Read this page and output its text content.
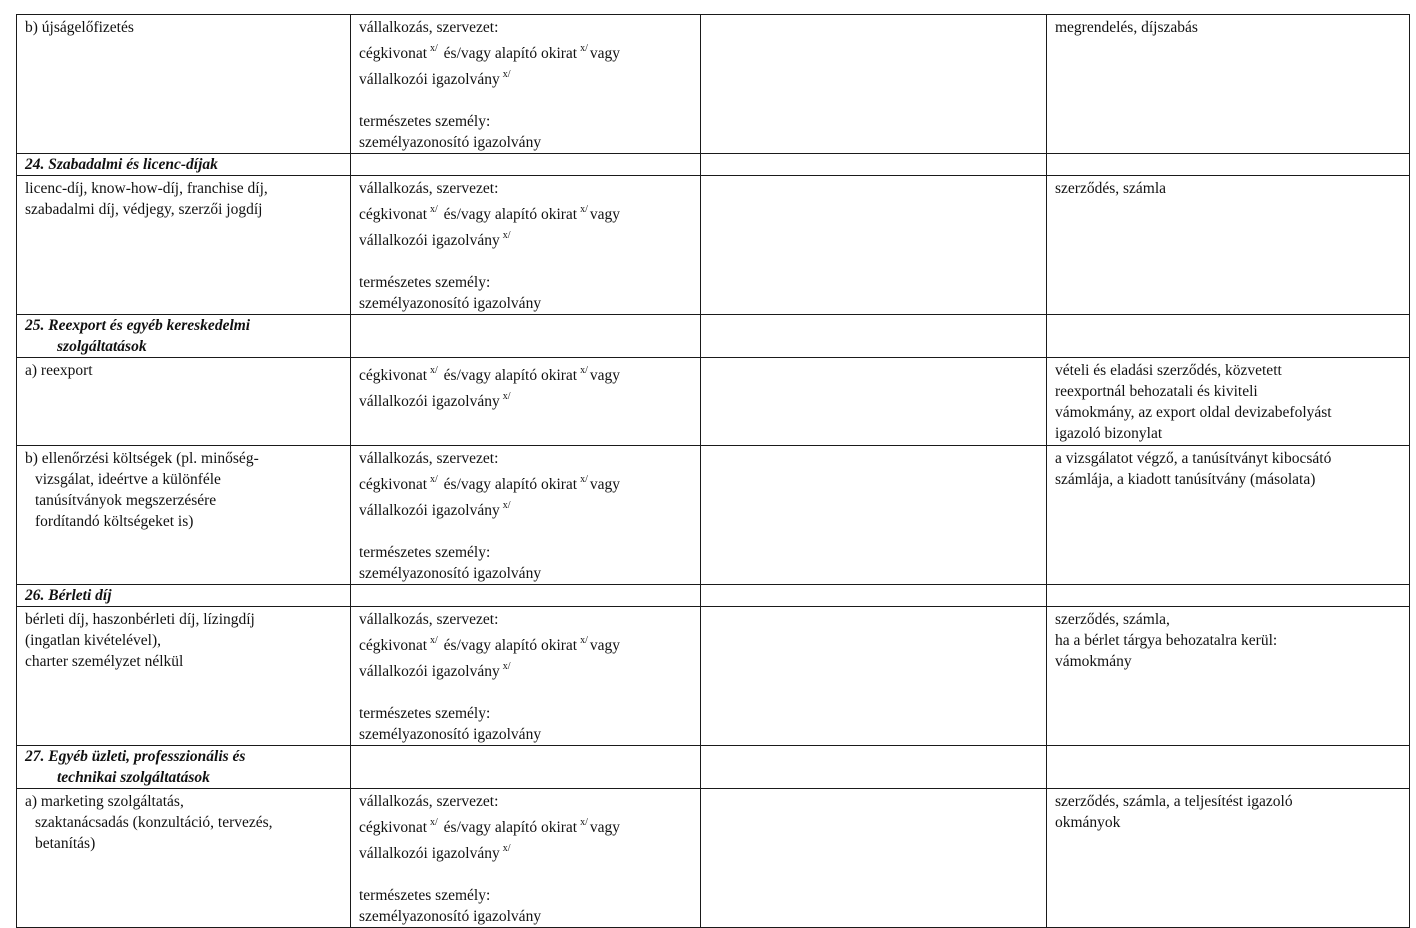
b) újságelőfizetés	vállalkozás, szervezet:
cégkivonat $^{x/}$ és/vagy alapító okirat $^{x/}$ vagy
vállalkozói igazolvány $^{x/}$
természetes személy:
személyazonosító igazolvány		megrendelés, díjszabás
24. Szabadalmi és licenc-díjak			

licenc-díj, know-how-díj, franchise díj,
szabadalmi díj, védjegy, szerzői jogdíj	vállalkozás, szervezet:
cégkivonat $^{x/}$ és/vagy alapító okirat $^{x/}$ vagy
vállalkozói igazolvány $^{x/}$
természetes személy:
személyazonosító igazolvány		szerződés, számla

25. Reexport és egyéb kereskedelmi
szolgáltatások			

a) reexport	cégkivonat $^{x/}$ és/vagy alapító okirat $^{x/}$ vagy
vállalkozói igazolvány $^{x/}$		vételi és eladási szerződés, közvetett
reexportnál behozatali és kiviteli
vámokmány, az export oldal devizabefolyást
igazoló bizonylat

b) ellenőrzési költségek (pl. minőség-
vizsgálat, ideértve a különféle
tanúsítványok megszerzésére
fordítandó költségeket is)	vállalkozás, szervezet:
cégkivonat $^{x/}$ és/vagy alapító okirat $^{x/}$ vagy
vállalkozói igazolvány $^{x/}$
természetes személy:
személyazonosító igazolvány		a vizsgálatot végző, a tanúsítványt kibocsátó
számlája, a kiadott tanúsítvány (másolata)

26. Bérleti díj			

bérleti díj, haszonbérleti díj, lízingdíj
(ingatlan kivételével),
charter személyzet nélkül	vállalkozás, szervezet:
cégkivonat $^{x/}$ és/vagy alapító okirat $^{x/}$ vagy
vállalkozói igazolvány $^{x/}$
természetes személy:
személyazonosító igazolvány		szerződés, számla,
ha a bérlet tárgya behozatalra kerül:
vámokmány

27. Egyéb üzleti, professzionális és
technikai szolgáltatások			

a) marketing szolgáltatás,
szaktanácsadás (konzultáció, tervezés,
betanítás)	vállalkozás, szervezet:
cégkivonat $^{x/}$ és/vagy alapító okirat $^{x/}$ vagy
vállalkozói igazolvány $^{x/}$
természetes személy:
személyazonosító igazolvány		szerződés, számla, a teljesítést igazoló
okmányok
